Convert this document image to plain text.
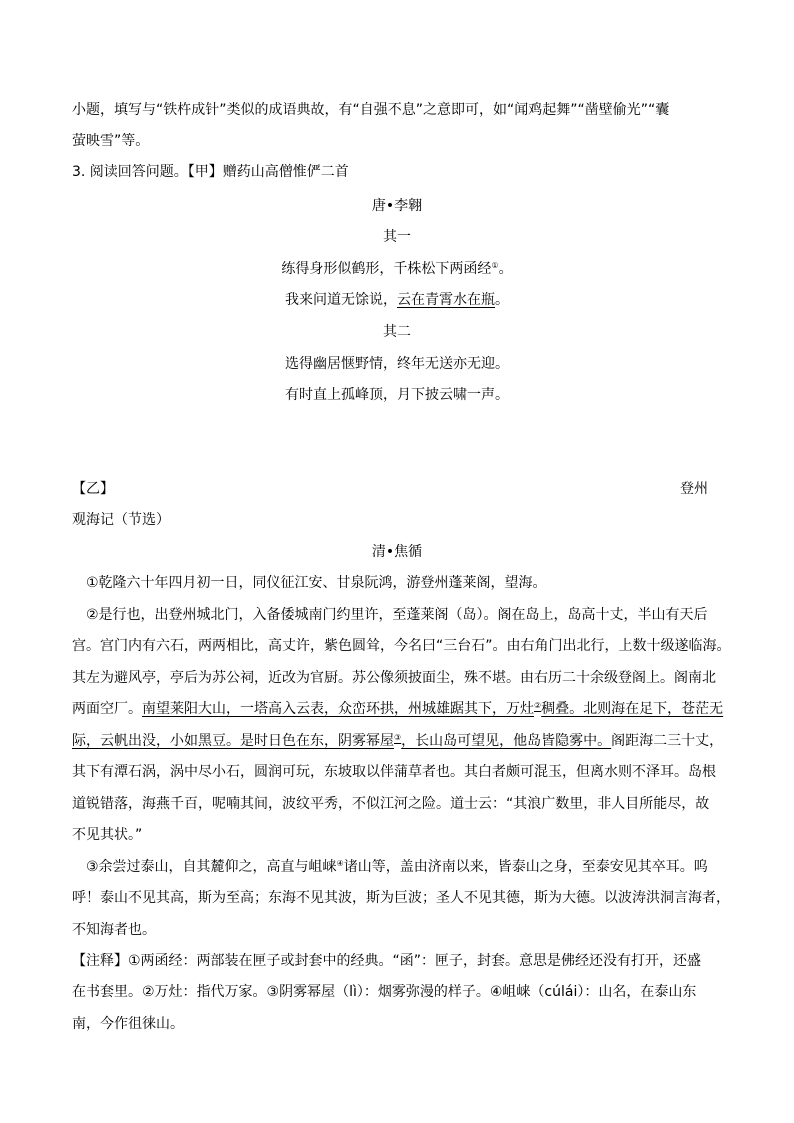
小题，填写与“铁杵成针”类似的成语典故，有“自强不息”之意即可，如“闻鸡起舞”“凿壁偷光”“囊
萤映雪”等。
3. 阅读回答问题。【甲】赠药山高僧惟俨二首
唐•李翱
其一
练得身形似鹤形，千株松下两函经①。
我来问道无馀说，云在青霄水在瓶。
其二
选得幽居惬野情，终年无送亦无迎。
有时直上孤峰顶，月下披云啸一声。
【乙】	登州
观海记（节选）
清•焦循
①乾隆六十年四月初一日，同仪征江安、甘泉阮鸿，游登州蓬莱阁，望海。
②是行也，出登州城北门，入备倭城南门约里许，至蓬莱阁（岛）。阁在岛上，岛高十丈，半山有天后
宫。宫门内有六石，两两相比，高丈许，紫色圆耸，今名曰“三台石”。由右角门出北行，上数十级遂临海。
其左为避风亭，亭后为苏公祠，近改为官厨。苏公像须披面尘，殊不堪。由右历二十余级登阁上。阁南北
两面空厂。南望莱阳大山，一塔高入云表，众峦环拱，州城雄踞其下，万灶②稠叠。北则海在足下，苍茫无
际，云帆出没，小如黑豆。是时日色在东，阴雾幂屋③，长山岛可望见，他岛皆隐雾中。阁距海二三十丈，
其下有潭石涡，涡中尽小石，圆润可玩，东坡取以伴蒲草者也。其白者颇可混玉，但离水则不泽耳。岛根
道锐错落，海燕千百，呢喃其间，波纹平秀，不似江河之险。道士云：“其浪广数里，非人目所能尽，故
不见其状。”
③余尝过泰山，自其麓仰之，高直与岨崃④诸山等，盖由济南以来，皆泰山之身，至泰安见其卒耳。呜
呼！泰山不见其高，斯为至高；东海不见其波，斯为巨波；圣人不见其德，斯为大德。以波涛洪洞言海者，
不知海者也。
【注释】①两函经：两部装在匣子或封套中的经典。“函”：匣子，封套。意思是佛经还没有打开，还盛
在书套里。②万灶：指代万家。③阴雾幂屋（lì）：烟雾弥漫的样子。④岨崃（cúlái）：山名，在泰山东
南，今作徂徕山。
